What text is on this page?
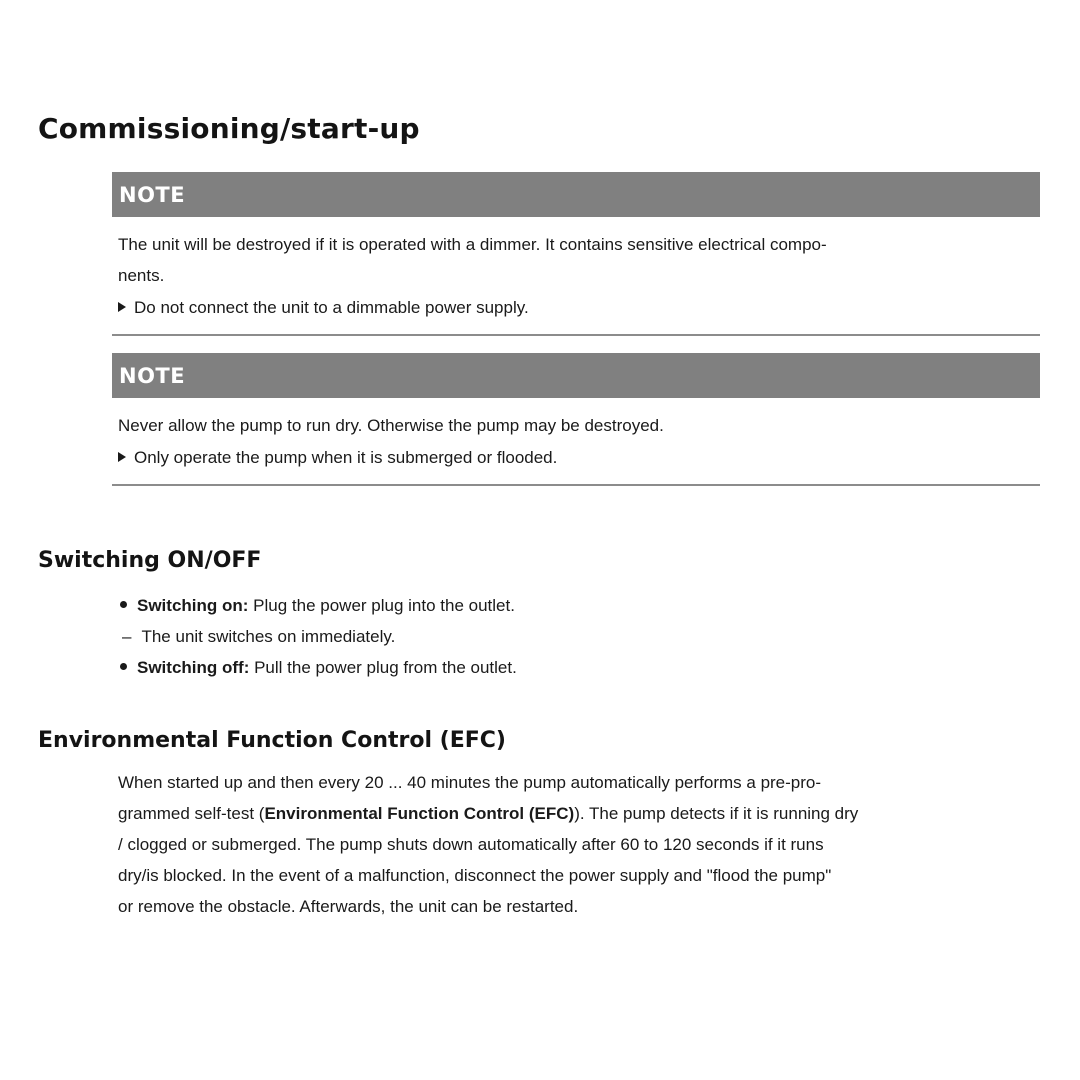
Commissioning/start-up
NOTE
The unit will be destroyed if it is operated with a dimmer. It contains sensitive electrical compo-
nents.
Do not connect the unit to a dimmable power supply.
NOTE
Never allow the pump to run dry. Otherwise the pump may be destroyed.
Only operate the pump when it is submerged or flooded.
Switching ON/OFF
Switching on: Plug the power plug into the outlet.
– The unit switches on immediately.
Switching off: Pull the power plug from the outlet.
Environmental Function Control (EFC)
When started up and then every 20 ... 40 minutes the pump automatically performs a pre-pro-
grammed self-test (Environmental Function Control (EFC)). The pump detects if it is running dry
/ clogged or submerged. The pump shuts down automatically after 60 to 120 seconds if it runs
dry/is blocked. In the event of a malfunction, disconnect the power supply and "flood the pump"
or remove the obstacle. Afterwards, the unit can be restarted.
